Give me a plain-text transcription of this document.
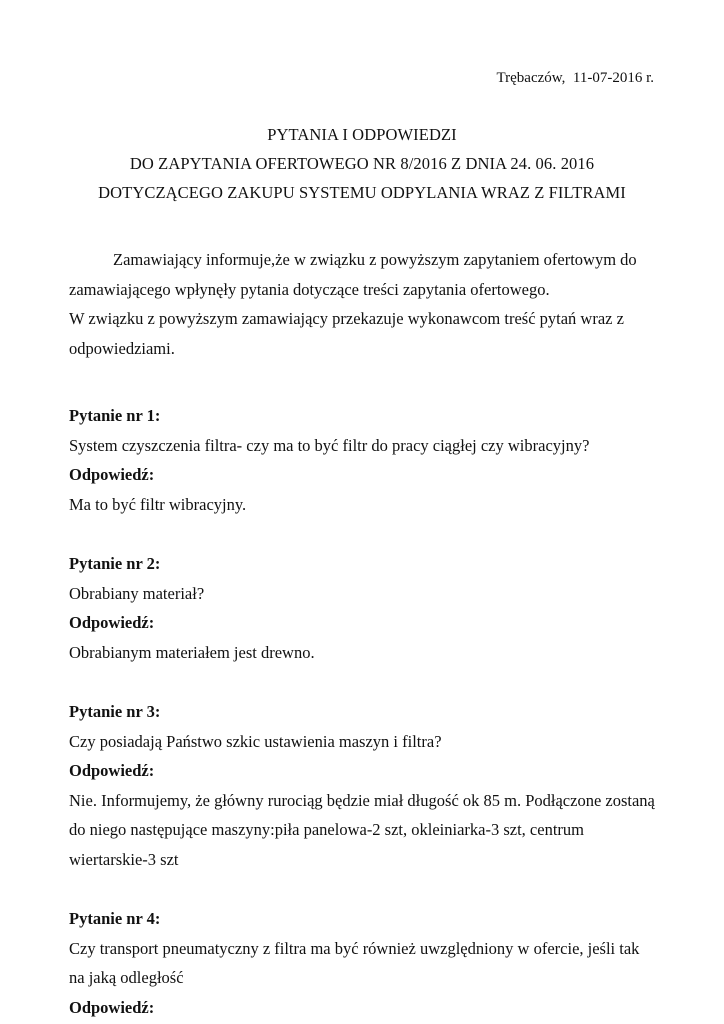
Trębaczów,  11-07-2016 r.
PYTANIA I ODPOWIEDZI
DO ZAPYTANIA OFERTOWEGO NR 8/2016 Z DNIA 24. 06. 2016
DOTYCZĄCEGO ZAKUPU SYSTEMU ODPYLANIA WRAZ Z FILTRAMI

Zamawiający informuje,że w związku z powyższym zapytaniem ofertowym do zamawiającego wpłynęły pytania dotyczące treści zapytania ofertowego.

W związku z powyższym zamawiający przekazuje wykonawcom treść pytań wraz z odpowiedziami.

Pytanie nr 1:
System czyszczenia filtra- czy ma to być filtr do pracy ciągłej czy wibracyjny?
Odpowiedź:
Ma to być filtr wibracyjny.
Pytanie nr 2:
Obrabiany materiał?
Odpowiedź:
Obrabianym materiałem jest drewno.
Pytanie nr 3:
Czy posiadają Państwo szkic ustawienia maszyn i filtra?
Odpowiedź:
Nie. Informujemy, że główny rurociąg będzie miał długość ok 85 m. Podłączone zostaną do niego następujące maszyny:piła panelowa-2 szt, okleiniarka-3 szt, centrum wiertarskie-3 szt
Pytanie nr 4:
Czy transport pneumatyczny z filtra ma być również uwzględniony w ofercie, jeśli tak na jaką odległość
Odpowiedź:
